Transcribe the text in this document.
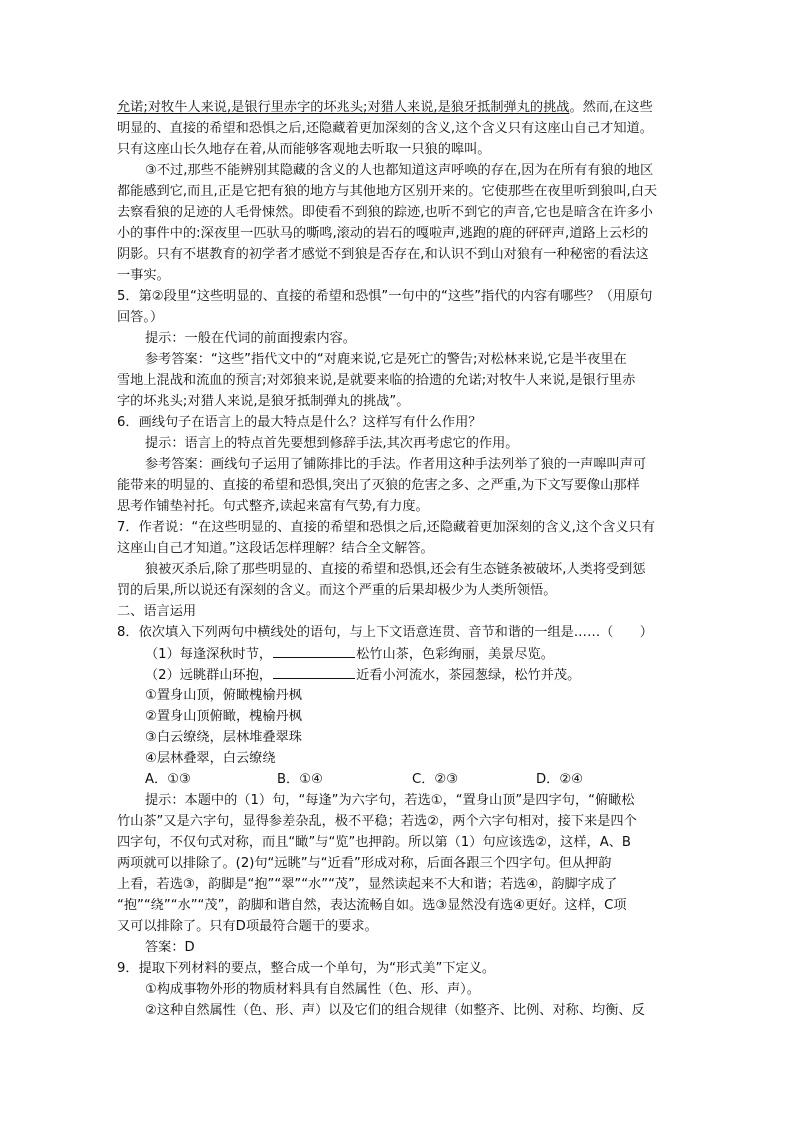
允诺;对牧牛人来说,是银行里赤字的坏兆头;对猎人来说,是狼牙抵制弹丸的挑战。然而,在这些
明显的、直接的希望和恐惧之后,还隐藏着更加深刻的含义,这个含义只有这座山自己才知道。
只有这座山长久地存在着,从而能够客观地去听取一只狼的嗥叫。
③不过,那些不能辨别其隐藏的含义的人也都知道这声呼唤的存在,因为在所有有狼的地区
都能感到它,而且,正是它把有狼的地方与其他地方区别开来的。它使那些在夜里听到狼叫,白天
去察看狼的足迹的人毛骨悚然。即使看不到狼的踪迹,也听不到它的声音,它也是暗含在许多小
小的事件中的:深夜里一匹驮马的嘶鸣,滚动的岩石的嘎啦声,逃跑的鹿的砰砰声,道路上云杉的
阴影。只有不堪教育的初学者才感觉不到狼是否存在,和认识不到山对狼有一种秘密的看法这
一事实。
5．第②段里“这些明显的、直接的希望和恐惧”一句中的“这些”指代的内容有哪些？（用原句
回答。）
提示：一般在代词的前面搜索内容。
参考答案：“这些”指代文中的“对鹿来说,它是死亡的警告;对松林来说,它是半夜里在
雪地上混战和流血的预言;对郊狼来说,是就要来临的拾遗的允诺;对牧牛人来说,是银行里赤
字的坏兆头;对猎人来说,是狼牙抵制弹丸的挑战”。
6．画线句子在语言上的最大特点是什么？这样写有什么作用？
提示：语言上的特点首先要想到修辞手法,其次再考虑它的作用。
参考答案：画线句子运用了铺陈排比的手法。作者用这种手法列举了狼的一声嗥叫声可
能带来的明显的、直接的希望和恐惧,突出了灭狼的危害之多、之严重,为下文写要像山那样
思考作铺垫衬托。句式整齐,读起来富有气势,有力度。
7．作者说：“在这些明显的、直接的希望和恐惧之后,还隐藏着更加深刻的含义,这个含义只有
这座山自己才知道。”这段话怎样理解？结合全文解答。
狼被灭杀后,除了那些明显的、直接的希望和恐惧,还会有生态链条被破坏,人类将受到惩
罚的后果,所以说还有深刻的含义。而这个严重的后果却极少为人类所领悟。
二、语言运用
8．依次填入下列两句中横线处的语句，与上下文语意连贯、音节和谐的一组是……（　　）
（1）每逢深秋时节，	松竹山茶，色彩绚丽，美景尽览。
（2）远眺群山环抱，	近看小河流水，茶园葱绿，松竹并茂。
①置身山顶，俯瞰槐榆丹枫
②置身山顶俯瞰，槐榆丹枫
③白云缭绕，层林堆叠翠珠
④层林叠翠，白云缭绕
A．①③	B．①④	C．②③	D．②④
提示：本题中的（1）句，“每逢”为六字句，若选①，“置身山顶”是四字句，“俯瞰松
竹山茶”又是六字句，显得参差杂乱，极不平稳；若选②，两个六字句相对，接下来是四个
四字句，不仅句式对称，而且“瞰”与“览”也押韵。所以第（1）句应该选②，这样，A、B
两项就可以排除了。(2)句“远眺”与“近看”形成对称，后面各跟三个四字句。但从押韵
上看，若选③，韵脚是“抱”“翠”“水”“茂”，显然读起来不大和谐；若选④，韵脚字成了
“抱”“绕”“水”“茂”，韵脚和谐自然，表达流畅自如。选③显然没有选④更好。这样，C项
又可以排除了。只有D项最符合题干的要求。
答案：D
9．提取下列材料的要点，整合成一个单句，为“形式美”下定义。
①构成事物外形的物质材料具有自然属性（色、形、声）。
②这种自然属性（色、形、声）以及它们的组合规律（如整齐、比例、对称、均衡、反
